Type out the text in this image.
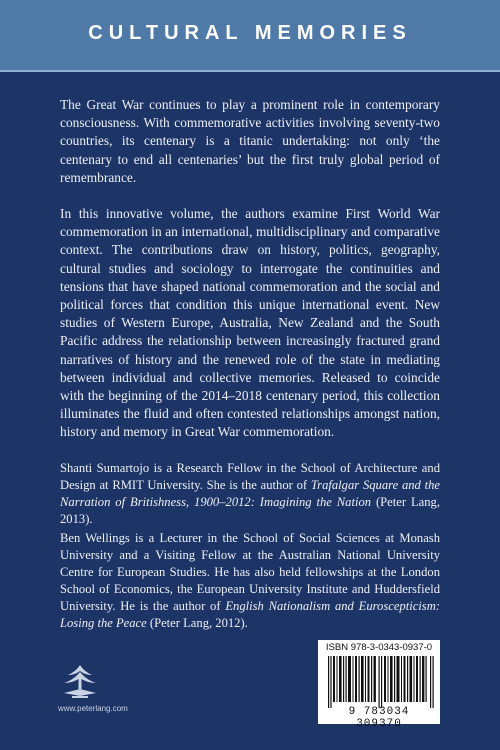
CULTURAL MEMORIES

The Great War continues to play a prominent role in contemporary consciousness. With commemorative activities involving seventy-two countries, its centenary is a titanic undertaking: not only ‘the centenary to end all centenaries’ but the first truly global period of remembrance.

In this innovative volume, the authors examine First World War commemoration in an international, multidisciplinary and comparative context. The contributions draw on history, politics, geography, cultural studies and sociology to interrogate the continuities and tensions that have shaped national commemoration and the social and political forces that condition this unique international event. New studies of Western Europe, Australia, New Zealand and the South Pacific address the relationship between increasingly fractured grand narratives of history and the renewed role of the state in mediating between individual and collective memories. Released to coincide with the beginning of the 2014–2018 centenary period, this collection illuminates the fluid and often contested relationships amongst nation, history and memory in Great War commemoration.

Shanti Sumartojo is a Research Fellow in the School of Architecture and Design at RMIT University. She is the author of Trafalgar Square and the Narration of Britishness, 1900–2012: Imagining the Nation (Peter Lang, 2013).

Ben Wellings is a Lecturer in the School of Social Sciences at Monash University and a Visiting Fellow at the Australian National University Centre for European Studies. He has also held fellowships at the London School of Economics, the European University Institute and Huddersfield University. He is the author of English Nationalism and Euroscepticism: Losing the Peace (Peter Lang, 2012).

www.peterlang.com
ISBN 978-3-0343-0937-0
9 783034 309370
